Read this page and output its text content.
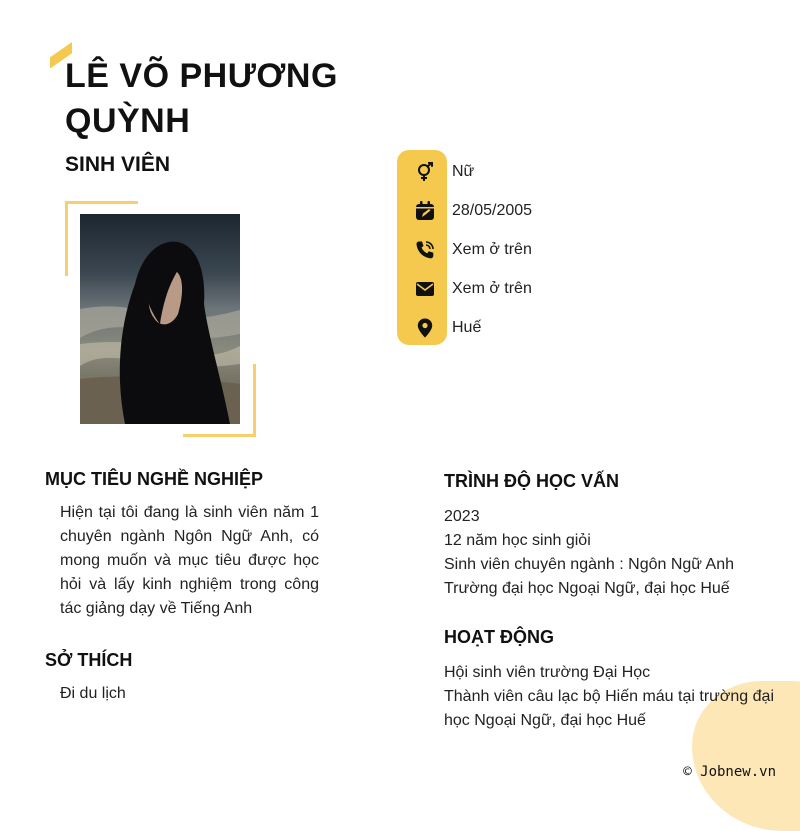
LÊ VÕ PHƯƠNG QUỲNH
SINH VIÊN	Nữ
28/05/2005
Xem ở trên
Xem ở trên
Huế
MỤC TIÊU NGHỀ NGHIỆP
Hiện tại tôi đang là sinh viên năm 1 chuyên ngành Ngôn Ngữ Anh, có mong muốn và mục tiêu được học hỏi và lấy kinh nghiệm trong công tác giảng dạy về Tiếng Anh
SỞ THÍCH
Đi du lịch
TRÌNH ĐỘ HỌC VẤN
2023
12 năm học sinh giỏi
Sinh viên chuyên ngành : Ngôn Ngữ Anh
Trường đại học Ngoại Ngữ, đại học Huế
HOẠT ĐỘNG
Hội sinh viên trường Đại Học
Thành viên câu lạc bộ Hiến máu tại trường đại học Ngoại Ngữ, đại học Huế
© Jobnew.vn
